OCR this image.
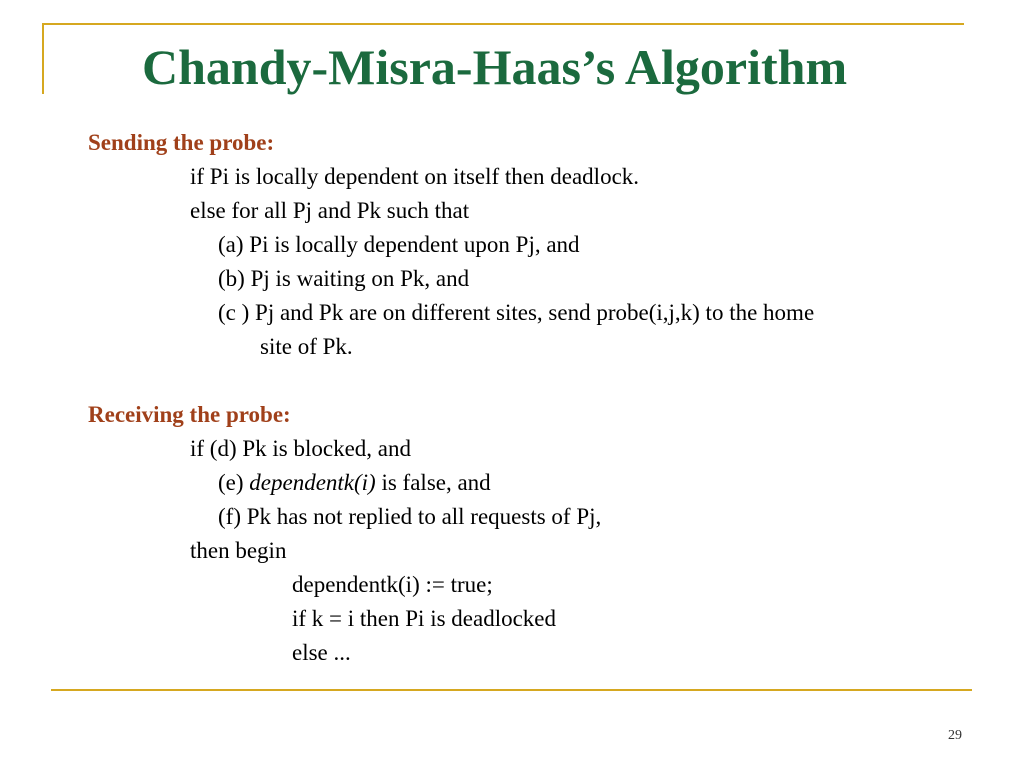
Chandy-Misra-Haas’s Algorithm
Sending the probe:
if Pi is locally dependent on itself then deadlock.
else for all Pj and Pk such that
(a) Pi is locally dependent upon Pj, and
(b) Pj is waiting on Pk, and
(c ) Pj and Pk are on different sites, send probe(i,j,k) to the home
site of Pk.
Receiving the probe:
if (d) Pk is blocked, and
(e) dependentk(i) is false, and
(f) Pk has not replied to all requests of Pj,
then begin
dependentk(i) := true;
if k = i then Pi is deadlocked
else ...
29
